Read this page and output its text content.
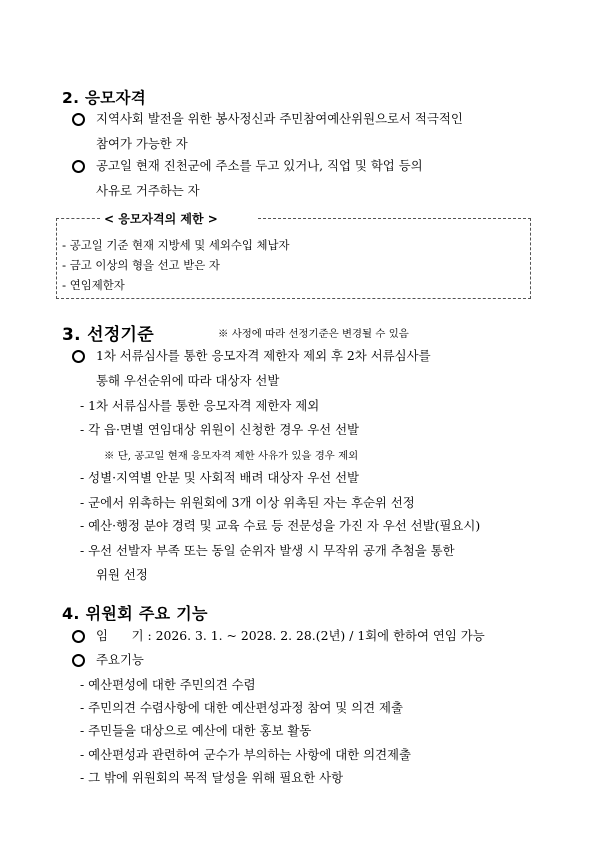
2. 응모자격
지역사회 발전을 위한 봉사정신과 주민참여예산위원으로서 적극적인
참여가 가능한 자
공고일 현재 진천군에 주소를 두고 있거나, 직업 및 학업 등의
사유로 거주하는 자
< 응모자격의 제한 >
- 공고일 기준 현재 지방세 및 세외수입 체납자
- 금고 이상의 형을 선고 받은 자
- 연임제한자
3. 선정기준	※ 사정에 따라 선정기준은 변경될 수 있음
1차 서류심사를 통한 응모자격 제한자 제외 후 2차 서류심사를
통해 우선순위에 따라 대상자 선발
- 1차 서류심사를 통한 응모자격 제한자 제외
- 각 읍·면별 연임대상 위원이 신청한 경우 우선 선발
※ 단, 공고일 현재 응모자격 제한 사유가 있을 경우 제외
- 성별·지역별 안분 및 사회적 배려 대상자 우선 선발
- 군에서 위촉하는 위원회에 3개 이상 위촉된 자는 후순위 선정
- 예산·행정 분야 경력 및 교육 수료 등 전문성을 가진 자 우선 선발(필요시)
- 우선 선발자 부족 또는 동일 순위자 발생 시 무작위 공개 추첨을 통한
위원 선정
4. 위원회 주요 기능
임      기 : 2026. 3. 1. ~ 2028. 2. 28.(2년) / 1회에 한하여 연임 가능
주요기능
- 예산편성에 대한 주민의견 수렴
- 주민의견 수렴사항에 대한 예산편성과정 참여 및 의견 제출
- 주민들을 대상으로 예산에 대한 홍보 활동
- 예산편성과 관련하여 군수가 부의하는 사항에 대한 의견제출
- 그 밖에 위원회의 목적 달성을 위해 필요한 사항
